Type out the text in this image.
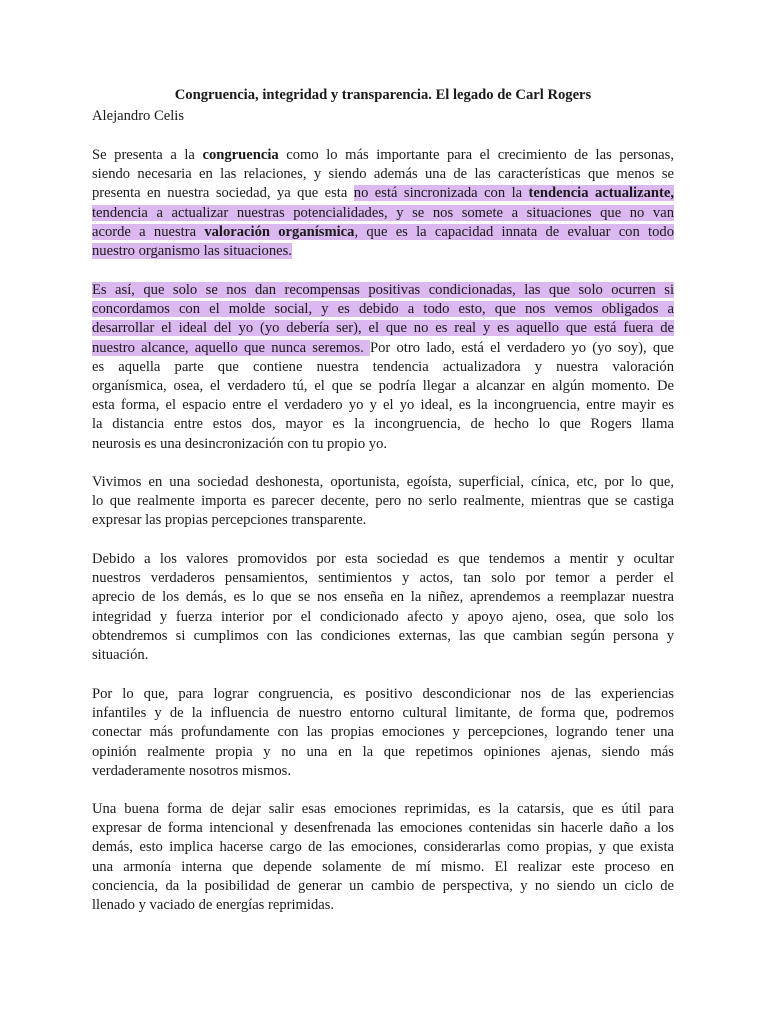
Congruencia, integridad y transparencia. El legado de Carl Rogers
Alejandro Celis
Se presenta a la congruencia como lo más importante para el crecimiento de las personas,
siendo necesaria en las relaciones, y siendo además una de las características que menos se
presenta en nuestra sociedad, ya que esta no está sincronizada con la tendencia actualizante,
tendencia a actualizar nuestras potencialidades, y se nos somete a situaciones que no van
acorde a nuestra valoración organísmica, que es la capacidad innata de evaluar con todo
nuestro organismo las situaciones.
Es así, que solo se nos dan recompensas positivas condicionadas, las que solo ocurren si
concordamos con el molde social, y es debido a todo esto, que nos vemos obligados a
desarrollar el ideal del yo (yo debería ser), el que no es real y es aquello que está fuera de
nuestro alcance, aquello que nunca seremos. Por otro lado, está el verdadero yo (yo soy), que
es aquella parte que contiene nuestra tendencia actualizadora y nuestra valoración
organísmica, osea, el verdadero tú, el que se podría llegar a alcanzar en algún momento. De
esta forma, el espacio entre el verdadero yo y el yo ideal, es la incongruencia, entre mayir es
la distancia entre estos dos, mayor es la incongruencia, de hecho lo que Rogers llama
neurosis es una desincronización con tu propio yo.
Vivimos en una sociedad deshonesta, oportunista, egoísta, superficial, cínica, etc, por lo que,
lo que realmente importa es parecer decente, pero no serlo realmente, mientras que se castiga
expresar las propias percepciones transparente.
Debido a los valores promovidos por esta sociedad es que tendemos a mentir y ocultar
nuestros verdaderos pensamientos, sentimientos y actos, tan solo por temor a perder el
aprecio de los demás, es lo que se nos enseña en la niñez, aprendemos a reemplazar nuestra
integridad y fuerza interior por el condicionado afecto y apoyo ajeno, osea, que solo los
obtendremos si cumplimos con las condiciones externas, las que cambian según persona y
situación.
Por lo que, para lograr congruencia, es positivo descondicionar nos de las experiencias
infantiles y de la influencia de nuestro entorno cultural limitante, de forma que, podremos
conectar más profundamente con las propias emociones y percepciones, logrando tener una
opinión realmente propia y no una en la que repetimos opiniones ajenas, siendo más
verdaderamente nosotros mismos.
Una buena forma de dejar salir esas emociones reprimidas, es la catarsis, que es útil para
expresar de forma intencional y desenfrenada las emociones contenidas sin hacerle daño a los
demás, esto implica hacerse cargo de las emociones, considerarlas como propias, y que exista
una armonía interna que depende solamente de mí mismo. El realizar este proceso en
conciencia, da la posibilidad de generar un cambio de perspectiva, y no siendo un ciclo de
llenado y vaciado de energías reprimidas.
